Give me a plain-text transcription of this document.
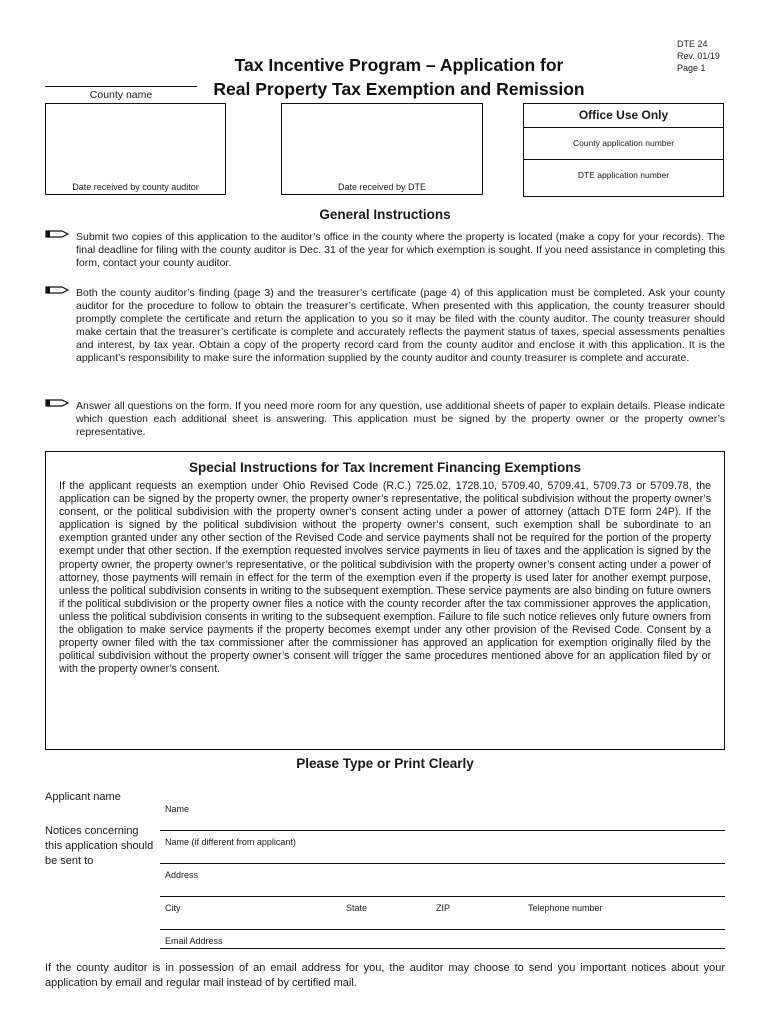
DTE 24
Rev. 01/19
Page 1
Tax Incentive Program – Application for
Real Property Tax Exemption and Remission
County name
Date received by county auditor	Date received by DTE
Office Use Only
County application number
DTE application number
General Instructions
Submit two copies of this application to the auditor’s office in the county where the property is located (make a copy for your records). The final deadline for filing with the county auditor is Dec. 31 of the year for which exemption is sought. If you need assistance in completing this form, contact your county auditor.
Both the county auditor’s finding (page 3) and the treasurer’s certificate (page 4) of this application must be completed. Ask your county auditor for the procedure to follow to obtain the treasurer’s certificate. When presented with this application, the county treasurer should promptly complete the certificate and return the application to you so it may be filed with the county auditor. The county treasurer should make certain that the treasurer’s certificate is complete and accurately reflects the payment status of taxes, special assessments penalties and interest, by tax year. Obtain a copy of the property record card from the county auditor and enclose it with this application. It is the applicant’s responsibility to make sure the information supplied by the county auditor and county treasurer is complete and accurate.
Answer all questions on the form. If you need more room for any question, use additional sheets of paper to explain details. Please indicate which question each additional sheet is answering. This application must be signed by the property owner or the property owner’s representative.
Special Instructions for Tax Increment Financing Exemptions
If the applicant requests an exemption under Ohio Revised Code (R.C.) 725.02, 1728.10, 5709.40, 5709.41, 5709.73 or 5709.78, the application can be signed by the property owner, the property owner’s representative, the political subdivision without the property owner’s consent, or the political subdivision with the property owner’s consent acting under a power of attorney (attach DTE form 24P). If the application is signed by the political subdivision without the property owner’s consent, such exemption shall be subordinate to an exemption granted under any other section of the Revised Code and service payments shall not be required for the portion of the property exempt under that other section. If the exemption requested involves service payments in lieu of taxes and the application is signed by the property owner, the property owner’s representative, or the political subdivision with the property owner’s consent acting under a power of attorney, those payments will remain in effect for the term of the exemption even if the property is used later for another exempt purpose, unless the political subdivision consents in writing to the subsequent exemption. These service payments are also binding on future owners if the political subdivision or the property owner files a notice with the county recorder after the tax commissioner approves the application, unless the political subdivision consents in writing to the subsequent exemption. Failure to file such notice relieves only future owners from the obligation to make service payments if the property becomes exempt under any other provision of the Revised Code. Consent by a property owner filed with the tax commissioner after the commissioner has approved an application for exemption originally filed by the political subdivision without the property owner’s consent will trigger the same procedures mentioned above for an application filed by or with the property owner’s consent.
Please Type or Print Clearly
Applicant name
Notices concerning this application should be sent to
Name
Name (if different from applicant)
Address
City	State	ZIP	Telephone number
Email Address
If the county auditor is in possession of an email address for you, the auditor may choose to send you important notices about your application by email and regular mail instead of by certified mail.
